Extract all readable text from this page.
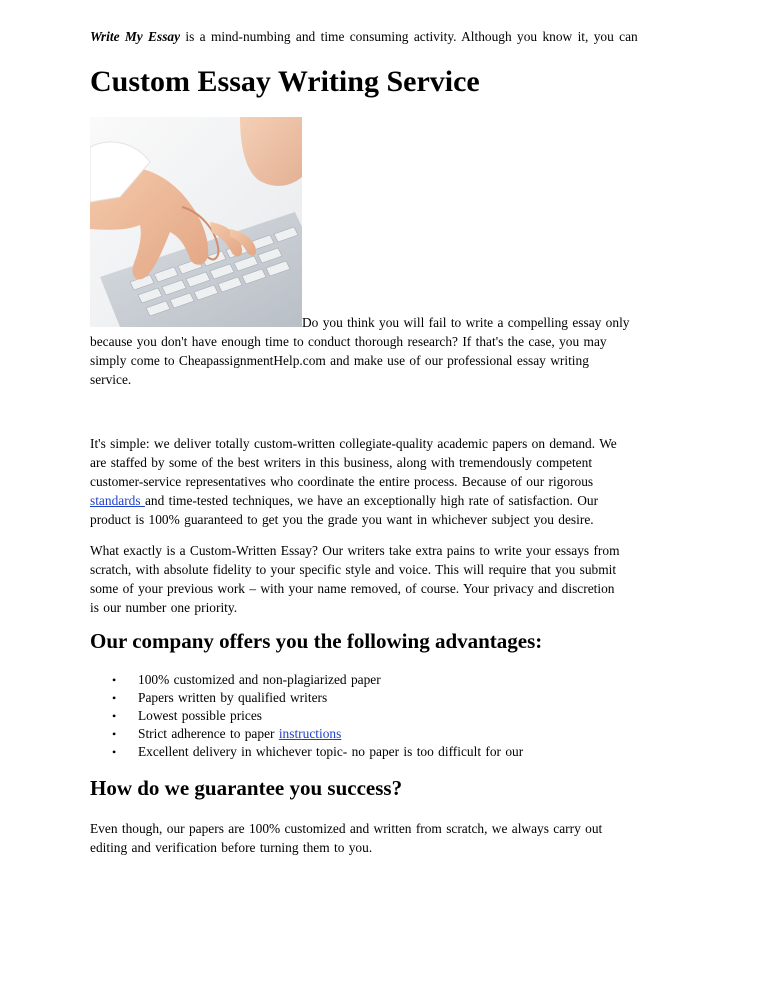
Write My Essay is a mind-numbing and time consuming activity. Although you know it, you can
Custom Essay Writing Service
Do you think you will fail to write a compelling essay only
because you don't have enough time to conduct thorough research? If that's the case, you may
simply come to CheapassignmentHelp.com and make use of our professional essay writing
service.
It's simple: we deliver totally custom-written collegiate-quality academic papers on demand. We
are staffed by some of the best writers in this business, along with tremendously competent
customer-service representatives who coordinate the entire process. Because of our rigorous
standards and time-tested techniques, we have an exceptionally high rate of satisfaction. Our
product is 100% guaranteed to get you the grade you want in whichever subject you desire.
What exactly is a Custom-Written Essay? Our writers take extra pains to write your essays from
scratch, with absolute fidelity to your specific style and voice. This will require that you submit
some of your previous work – with your name removed, of course. Your privacy and discretion
is our number one priority.
Our company offers you the following advantages:
• 100% customized and non-plagiarized paper
• Papers written by qualified writers
• Lowest possible prices
• Strict adherence to paper instructions
• Excellent delivery in whichever topic- no paper is too difficult for our
How do we guarantee you success?
Even though, our papers are 100% customized and written from scratch, we always carry out
editing and verification before turning them to you.
